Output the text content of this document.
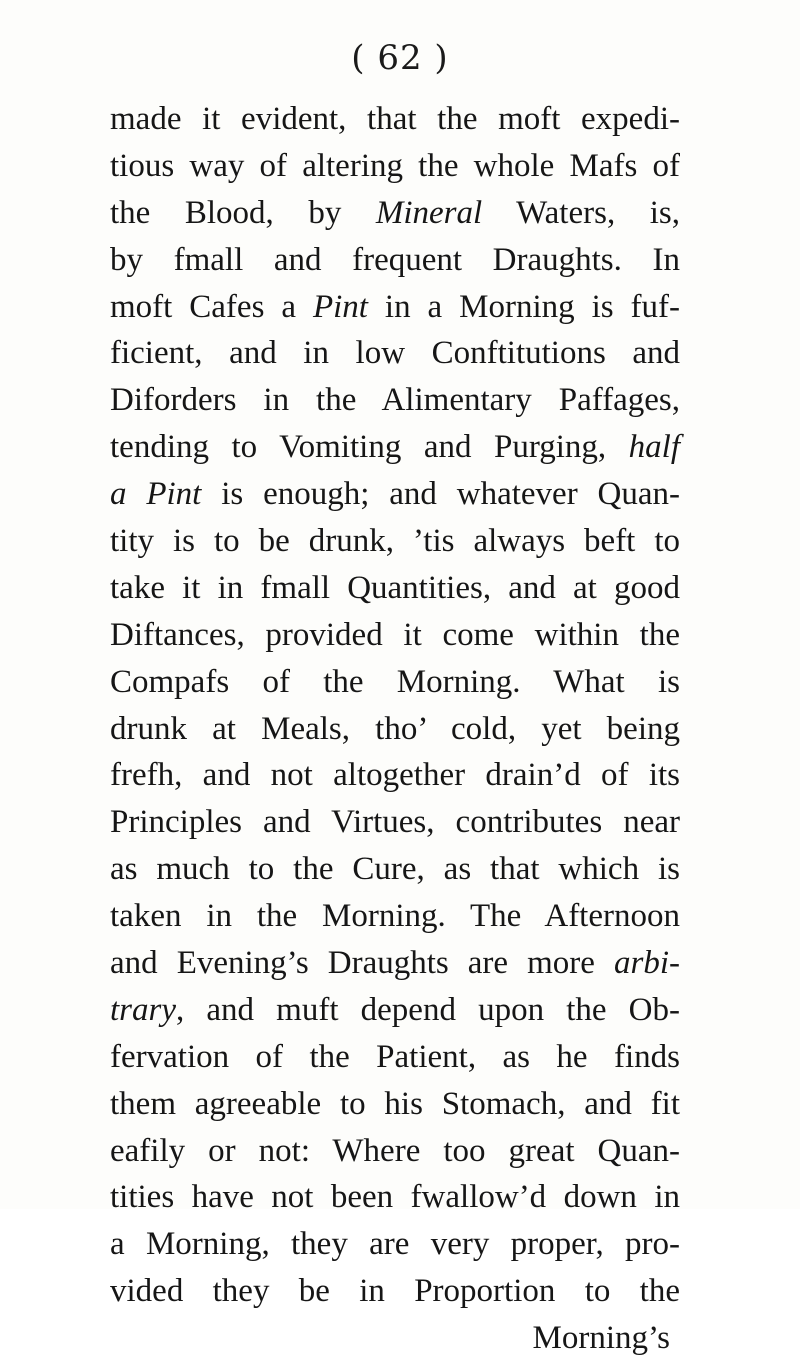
( 62 )
made it evident, that the moft expedi-
tious way of altering the whole Mafs of
the Blood, by Mineral Waters, is,
by fmall and frequent Draughts. In
moft Cafes a Pint in a Morning is fuf-
ficient, and in low Conftitutions and
Diforders in the Alimentary Paffages,
tending to Vomiting and Purging, half
a Pint is enough; and whatever Quan-
tity is to be drunk, ’tis always beft to
take it in fmall Quantities, and at good
Diftances, provided it come within the
Compafs of the Morning. What is
drunk at Meals, tho’ cold, yet being
frefh, and not altogether drain’d of its
Principles and Virtues, contributes near
as much to the Cure, as that which is
taken in the Morning. The Afternoon
and Evening’s Draughts are more arbi-
trary, and muft depend upon the Ob-
fervation of the Patient, as he finds
them agreeable to his Stomach, and fit
eafily or not: Where too great Quan-
tities have not been fwallow’d down in
a Morning, they are very proper, pro-
vided they be in Proportion to the
Morning’s
